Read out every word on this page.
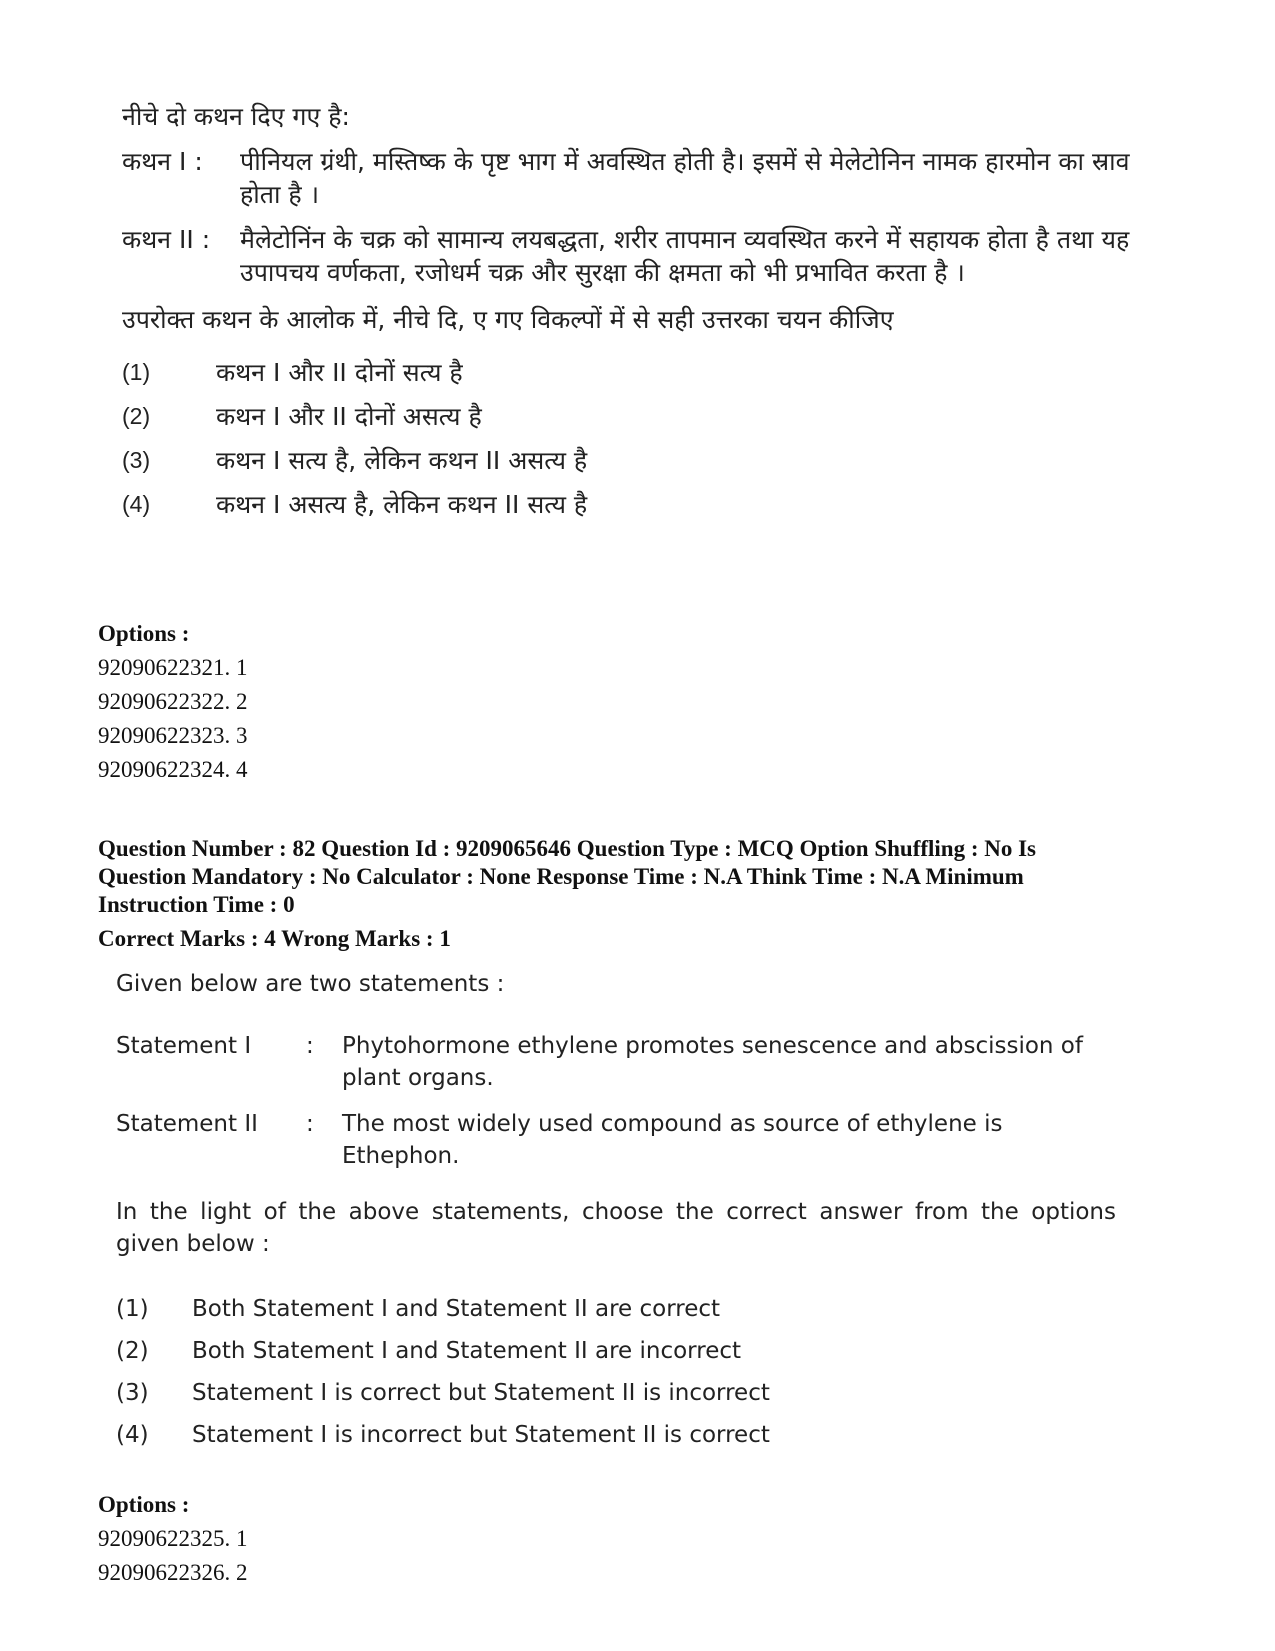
नीचे दो कथन दिए गए है:
कथन I :	पीनियल ग्रंथी, मस्तिष्क के पृष्ट भाग में अवस्थित होती है। इसमें से मेलेटोनिन नामक हारमोन का स्राव होता है ।
कथन II :	मैलेटोनिंन के चक्र को सामान्य लयबद्धता, शरीर तापमान व्यवस्थित करने में सहायक होता है तथा यह उपापचय वर्णकता, रजोधर्म चक्र और सुरक्षा की क्षमता को भी प्रभावित करता है ।
उपरोक्त कथन के आलोक में, नीचे दि, ए गए विकल्पों में से सही उत्तरका चयन कीजिए
(1)	कथन I और II दोनों सत्य है
(2)	कथन I और II दोनों असत्य है
(3)	कथन I सत्य है, लेकिन कथन II असत्य है
(4)	कथन I असत्य है, लेकिन कथन II सत्य है
Options :
92090622321. 1
92090622322. 2
92090622323. 3
92090622324. 4
Question Number : 82 Question Id : 9209065646 Question Type : MCQ Option Shuffling : No Is Question Mandatory : No Calculator : None Response Time : N.A Think Time : N.A Minimum Instruction Time : 0
Correct Marks : 4 Wrong Marks : 1
Given below are two statements :
Statement I	:	Phytohormone ethylene promotes senescence and abscission of plant organs.
Statement II	:	The most widely used compound as source of ethylene is Ethephon.
In the light of the above statements, choose the correct answer from the options given below :
(1)	Both Statement I and Statement II are correct
(2)	Both Statement I and Statement II are incorrect
(3)	Statement I is correct but Statement II is incorrect
(4)	Statement I is incorrect but Statement II is correct
Options :
92090622325. 1
92090622326. 2
